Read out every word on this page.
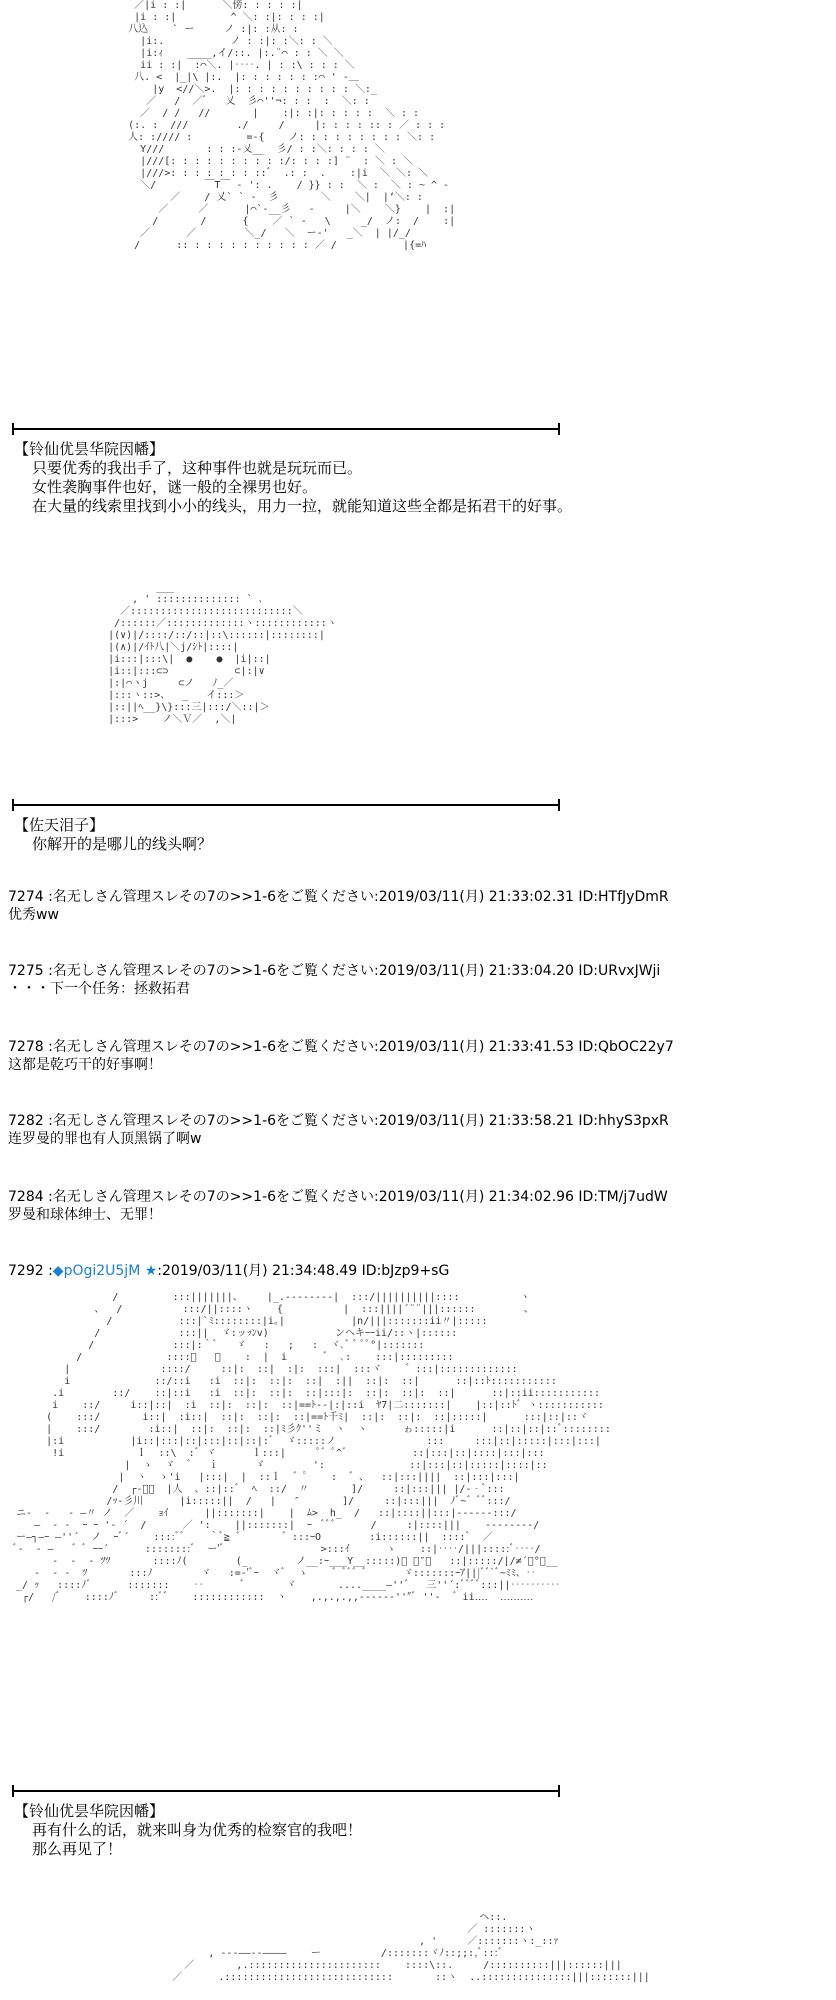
／|i : :|      ＼傍: : : : :|
|i : :|         ^ ＼: :|: : : :|
八込    ` ー     ノ :|: :从: :
|i:.           ノ : :|: :＼: : ＼
|i:ｨ    ____,イ/::. |:.¨⌒ : : ＼ ＼
ii : :|  :⌒＼. |‥‥. | : :\ : : : ＼
八. <  |_|\ |:.  |: : : : : : :⌒ ' ‐＿
|y  <//＼>.  |: : : : : : : : : : ＼:_
／   /  ／ﾞ   乂  彡⌒''¬: : :  :  ＼: :
／  / /   //       |    :|: :|: : : : :  ＼ : :
(:. :  ///        ./     /     |: : : : :: : ／ : : :
人: ://// :         =‐{    ノ: : : : : : : : : ＼: :
Y///       : : :‐乂__  彡/ : :＼: : : : ＼
|///[: : : : : : : : : :/: : : :] ¨  : ＼ : ＼
|///>: : : : : : : ::ﾞ  .: :  .    :|i  ＼ ＼: ＼
＼/        ￣T￣ ‐ ': .    / }} : :  ＼ :  ＼ : ~ ^ ‐
／    / 乂` ` ‐  彡       ＼    ＼|  |‘＼: :
／     ／      |⌒`‐__彡   ‐     |＼    ＼}    |  :|
/       /      {    ／ ` ‐   \     _/  ノ:  /    :|
／      ／        ＼_/   ＼  ー‐'   _＼  | |/_/
/      :: : : : : : : : : : : ／ /           |{=ﾊ
【铃仙优昙华院因幡】
只要优秀的我出手了，这种事件也就是玩玩而已。
女性袭胸事件也好，谜一般的全裸男也好。
在大量的线索里找到小小的线头，用力一拉，就能知道这些全都是拓君干的好事。
___
, ' :::::::::::::: ` ､
／:::::::::::::::::::::::::::＼
/::::::／:::::::::::::ヽ::::::::::::ヽ
|(∨)|/::::/::/::|::\::::::|::::::::|
|(∧)|/ｲﾄ八|＼j/ｼﾄ|::::|
|i:::|:::\|  ●    ●  |i|::|
|i::|:::⊂⊃           ⊂|:|∨
|:|⌒ヽj     ⊂ノ   ﾉ_／
|:::ヽ::>、  _   イ:::＞
|::||ﾍ__}\}:::三|:::/＼::|＞
|:::>    ノ＼Ｖ／  ,＼|
【佐天泪子】
你解开的是哪儿的线头啊？
7274 :名无しさん管理スレその7の>>1-6をご覧ください:2019/03/11(月) 21:33:02.31 ID:HTfJyDmR
优秀ww
7275 :名无しさん管理スレその7の>>1-6をご覧ください:2019/03/11(月) 21:33:04.20 ID:URvxJWji
・・・下一个任务：拯救拓君
7278 :名无しさん管理スレその7の>>1-6をご覧ください:2019/03/11(月) 21:33:41.53 ID:QbOC22y7
这都是乾巧干的好事啊！
7282 :名无しさん管理スレその7の>>1-6をご覧ください:2019/03/11(月) 21:33:58.21 ID:hhyS3pxR
连罗曼的罪也有人顶黑锅了啊w
7284 :名无しさん管理スレその7の>>1-6をご覧ください:2019/03/11(月) 21:34:02.96 ID:TM/j7udW
罗曼和球体绅士、无罪！
7292 :◆pOgi2U5jM ★:2019/03/11(月) 21:34:48.49 ID:bJzp9+sG
/         :::|||||||、    |_.--------|  :::/||||||||||::::          ヽ
、  /          :::/||::::ヽ    {          |  :::||||´¨¨|||::::::        、
/           :::|`ﾐ::::::::|i｡|           |n/|||:::::::ii〃|:::::
/             :::||  ゞ:ッｯﾝv)           ンヘキｰｰii/::ヽ|::::::
/             :::|:｀ﾞ   ゞ   :   ;   :  ヾ､ﾞ ﾞ ﾟﾟ°|:::::::
/              ::::ﾞ   ､    :  |  i      ﾞ  ､:    :::|:::::::::
|               ::::/     ::|:  ::|  :|:  :::|  :::ヾ    ゛:::|:::::::::::::
i              ::/::i   :i  ::|:  ::|:  ::|  :||  ::|:  ::|      ::|::ﾄ:::::::::::
.i        ::/    ::|::i   :i  ::|:  ::|:  ::|:::|:  ::|:  ::|:  ::|      ::|::ii:::::::::::
i    ::/     i::|::|  :i  ::|:  ::|:  ::|==ﾄ-‐|:|::i  ﾔ7|二:::::::|    |::|::ﾄﾞ ヽ:::::::::::
(    :::/       i::|  :i::|  ::|:  ::|:  ::|==ﾄ千ﾐ|  ::|:  ::|:  ::|:::::|      :::|::|::ヾ
|    :::/        :i::|  ::|:  ::|:  ::|ﾐ彡ｸ''ミ  ヽ  ヽ      ゎ:::::|i      ::|::|::|::ﾞ::::::::
|:i           |i::|:::|::|:::|::|::|:ﾞ  ゞ:::::ノ               :::     :::|::|:::::|:::|:::|
!i            ｌ  ::\  :ﾞ ヾ      ｌ:::|     ﾟ゛ﾟ^゛          ::|:::|::|::::|:::|:::
|  ゝ  ゞ  ゛  ｉ      ゞ        ':              ::|:::|::|:::::|::::|::
|  ヽ  ゝ'i   |:::|  |  ::ｌ  ゛゜   :  ゛、  ::|:::||||  ::|:::|:::|
/  ┌‐ﾞﾞ  |人  、::|::ﾞ  ﾍ  ::/  〃       ]/     ::|:::||| |/‐‐ﾞ:::
/ｯ‐彡川      |i:::::||  /   |   ″       ]/     ::|:::|||  ﾉﾞ~゛ﾞﾞ:::/
ニ‐  ‐   ‐ ―〃 ノ  ／    ｮｲ      ||:::::::|    |  ﾑ>  h_  /   ::|::::||:::|‐‐‐‐‐‐:::/
―  ‐ ‐  ｰ ｰ '‐ ´  /      ／ ':    ||:::::::|  ｰ  ﾞﾞ゛     /     :|::::|||    ‐‐‐‐‐‐‐‐/
ー―┐―ｰ ―''´  ノ  ｰﾞ´    ::::ﾞﾞ    ｀ﾞ≧ ゛      ゛:::ｰO        :i::::::||  ::::ﾞ  ／
ﾞ‐  ‐ ―   ゛ﾞ ｰｰ´      ::::::::ﾞ  ー'ﾞ                >:::ｲ      ゝ    ::|‥‥/|||:::::ﾞ‥‥/
‐  ‐  ‐ ﾂﾂ       ::::ﾉ(        (_        ノ__:ｰ___Y__:::::)ﾞ ﾞ″ﾞ   ::|:::::/|/≠´ﾞ°ﾞ__
‐  ‐ ‐  ﾂ       :::ﾉ        ヾ   :=‐'ﾞｰ  ヾﾞ  ゝ    ゛ﾞﾞ゛ﾞ      ゞ:::::::ｰｱ|||ﾞﾞ`ﾞ~ﾐﾐ、‥
_/ ｯ   ::::ﾉﾞ      :::::::    ‥      ゛      ヾ       ....____―''゛  三''´:ﾞﾞﾞﾞ:::||‥‥‥‥‥
┌/   /ﾞ    ::::ﾉﾞ     ::ﾞﾞ    ::::::::::::  ヽ    ,.,.,.,,----‐‐''″ﾞ ''‐  ゛ii‥‥  ‥‥‥‥‥
【铃仙优昙华院因幡】
再有什么的话，就来叫身为优秀的检察官的我吧！
那么再见了！
ヘ::.
／ :::::::ヽ
, '     ／:::::::ヽ:_::ｧ
, -‐‐――‐‐――――    ー          /:::::::ヾﾉ::;;:,ﾞ:::ﾞ
／       ,.::::::::::::::::::::::    ::::\::.     /::::::::::|||::::::|||
／      .::::::::::::::::::::::::::::       ::ヽ  ..:::::::::::::::|||:::::::|||
